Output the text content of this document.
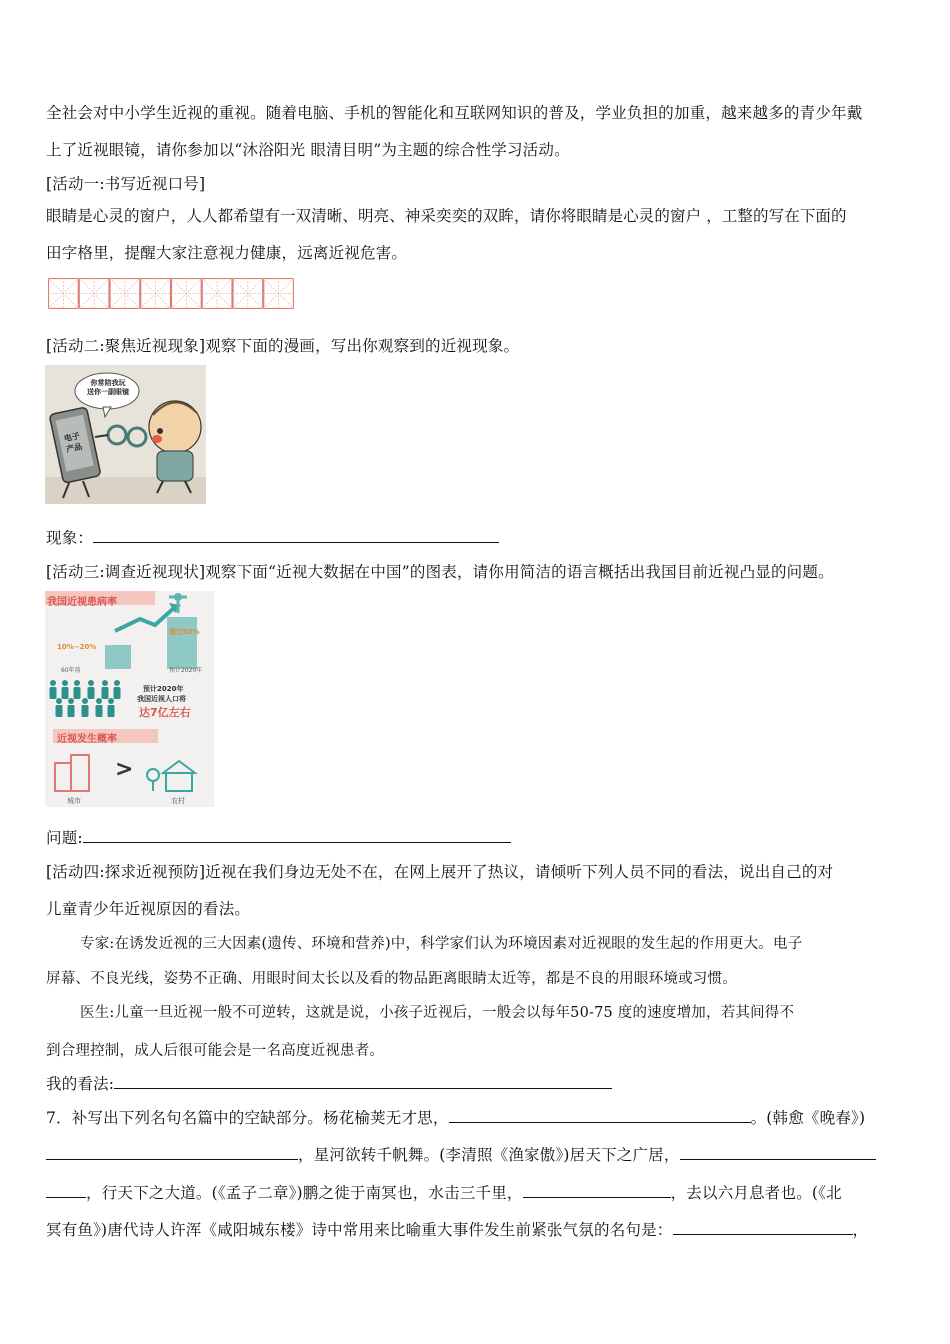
全社会对中小学生近视的重视。随着电脑、手机的智能化和互联网知识的普及，学业负担的加重，越来越多的青少年戴
上了近视眼镜，请你参加以“沐浴阳光 眼清目明”为主题的综合性学习活动。
[活动一:书写近视口号]
眼睛是心灵的窗户，人人都希望有一双清晰、明亮、神采奕奕的双眸，请你将眼睛是心灵的窗户 ，工整的写在下面的
田字格里，提醒大家注意视力健康，远离近视危害。
[活动二:聚焦近视现象]观察下面的漫画，写出你观察到的近视现象。
你常陪我玩 送你一副眼镜
电子 产品
现象：
[活动三:调查近视现状]观察下面“近视大数据在中国”的图表，请你用简洁的语言概括出我国目前近视凸显的问题。
我国近视患病率
10%~20%
60年前
超过50%
预计2020年
预计2020年
我国近视人口将
达7亿左右
近视发生概率
>
城市	农村
问题:
[活动四:探求近视预防]近视在我们身边无处不在，在网上展开了热议，请倾听下列人员不同的看法，说出自己的对
儿童青少年近视原因的看法。
专家:在诱发近视的三大因素(遗传、环境和营养)中，科学家们认为环境因素对近视眼的发生起的作用更大。电子
屏幕、不良光线，姿势不正确、用眼时间太长以及看的物品距离眼睛太近等，都是不良的用眼环境或习惯。
医生:儿童一旦近视一般不可逆转，这就是说，小孩子近视后，一般会以每年50-75 度的速度增加，若其间得不
到合理控制，成人后很可能会是一名高度近视患者。
我的看法:
7．补写出下列名句名篇中的空缺部分。杨花榆荚无才思，	。(韩愈《晚春》)
，星河欲转千帆舞。(李清照《渔家傲》)居天下之广居，
，行天下之大道。(《孟子二章》)鹏之徙于南冥也，水击三千里，	，去以六月息者也。(《北
冥有鱼》)唐代诗人许浑《咸阳城东楼》诗中常用来比喻重大事件发生前紧张气氛的名句是：	，
